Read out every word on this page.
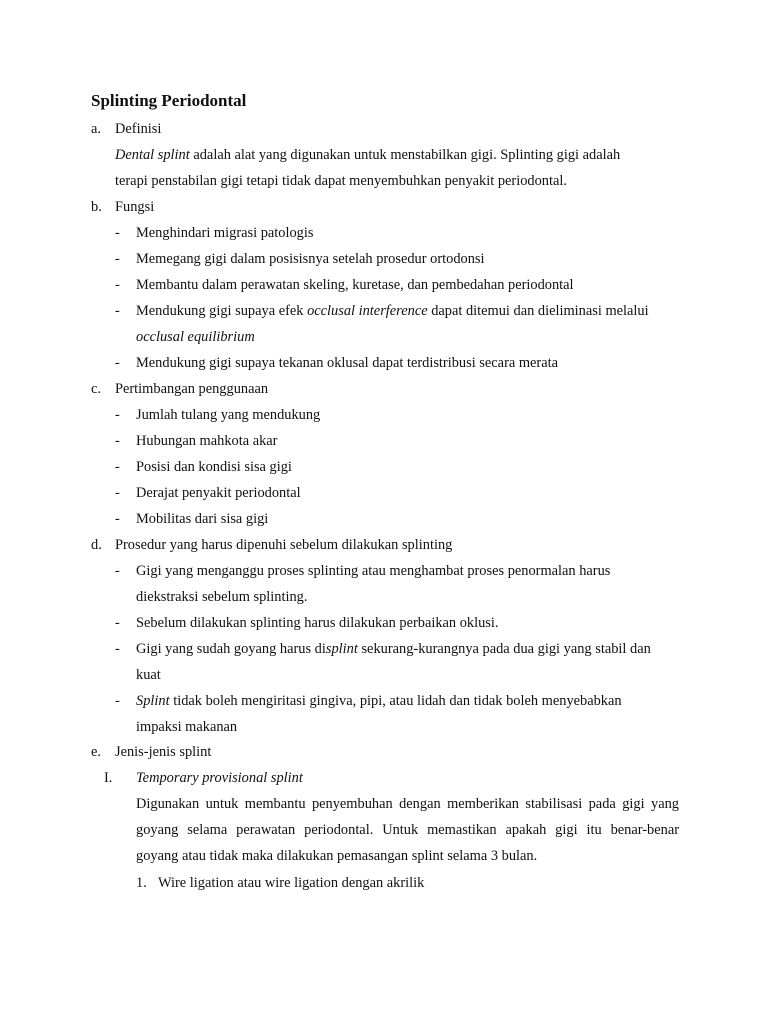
Splinting Periodontal
a. Definisi
Dental splint adalah alat yang digunakan untuk menstabilkan gigi. Splinting gigi adalah
terapi penstabilan gigi tetapi tidak dapat menyembuhkan penyakit periodontal.
b. Fungsi
- Menghindari migrasi patologis
- Memegang gigi dalam posisisnya setelah prosedur ortodonsi
- Membantu dalam perawatan skeling, kuretase, dan pembedahan periodontal
- Mendukung gigi supaya efek occlusal interference dapat ditemui dan dieliminasi melalui
occlusal equilibrium
- Mendukung gigi supaya tekanan oklusal dapat terdistribusi secara merata
c. Pertimbangan penggunaan
- Jumlah tulang yang mendukung
- Hubungan mahkota akar
- Posisi dan kondisi sisa gigi
- Derajat penyakit periodontal
- Mobilitas dari sisa gigi
d. Prosedur yang harus dipenuhi sebelum dilakukan splinting
- Gigi yang menganggu proses splinting atau menghambat proses penormalan harus
diekstraksi sebelum splinting.
- Sebelum dilakukan splinting harus dilakukan perbaikan oklusi.
- Gigi yang sudah goyang harus displint sekurang-kurangnya pada dua gigi yang stabil dan
kuat
- Splint tidak boleh mengiritasi gingiva, pipi, atau lidah dan tidak boleh menyebabkan
impaksi makanan
e. Jenis-jenis splint
I. Temporary provisional splint
Digunakan untuk membantu penyembuhan dengan memberikan stabilisasi pada gigi yang
goyang selama perawatan periodontal. Untuk memastikan apakah gigi itu benar-benar
goyang atau tidak maka dilakukan pemasangan splint selama 3 bulan.
1. Wire ligation atau wire ligation dengan akrilik
